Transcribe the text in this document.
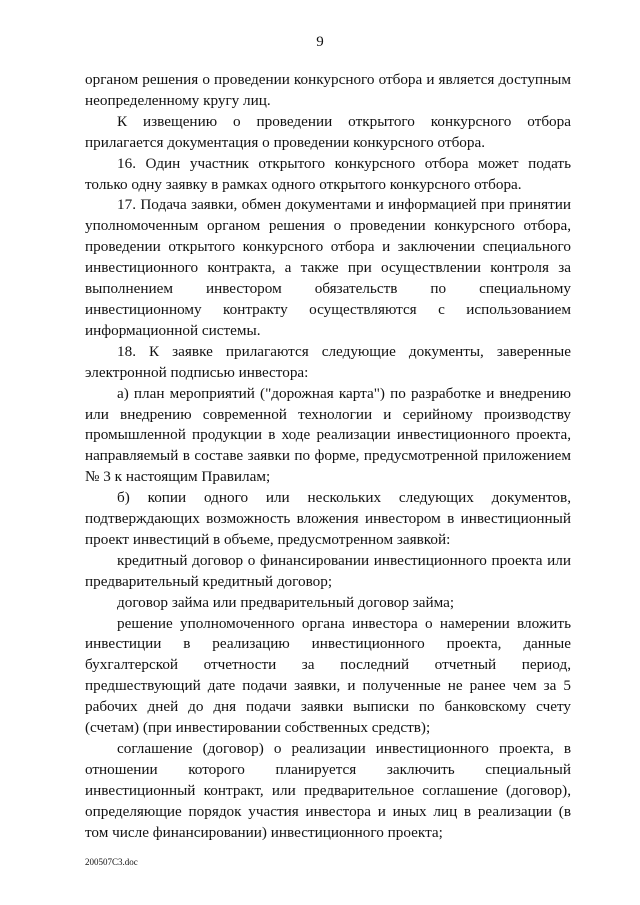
9

органом решения о проведении конкурсного отбора и является доступным неопределенному кругу лиц.

К извещению о проведении открытого конкурсного отбора прилагается документация о проведении конкурсного отбора.

16. Один участник открытого конкурсного отбора может подать только одну заявку в рамках одного открытого конкурсного отбора.

17. Подача заявки, обмен документами и информацией при принятии уполномоченным органом решения о проведении конкурсного отбора, проведении открытого конкурсного отбора и заключении специального инвестиционного контракта, а также при осуществлении контроля за выполнением инвестором обязательств по специальному инвестиционному контракту осуществляются с использованием информационной системы.

18. К заявке прилагаются следующие документы, заверенные электронной подписью инвестора:

а) план мероприятий ("дорожная карта") по разработке и внедрению или внедрению современной технологии и серийному производству промышленной продукции в ходе реализации инвестиционного проекта, направляемый в составе заявки по форме, предусмотренной приложением № 3 к настоящим Правилам;

б) копии одного или нескольких следующих документов, подтверждающих возможность вложения инвестором в инвестиционный проект инвестиций в объеме, предусмотренном заявкой:

кредитный договор о финансировании инвестиционного проекта или предварительный кредитный договор;

договор займа или предварительный договор займа;

решение уполномоченного органа инвестора о намерении вложить инвестиции в реализацию инвестиционного проекта, данные бухгалтерской отчетности за последний отчетный период, предшествующий дате подачи заявки, и полученные не ранее чем за 5 рабочих дней до дня подачи заявки выписки по банковскому счету (счетам) (при инвестировании собственных средств);

соглашение (договор) о реализации инвестиционного проекта, в отношении которого планируется заключить специальный инвестиционный контракт, или предварительное соглашение (договор), определяющие порядок участия инвестора и иных лиц в реализации (в том числе финансировании) инвестиционного проекта;

200507C3.doc
